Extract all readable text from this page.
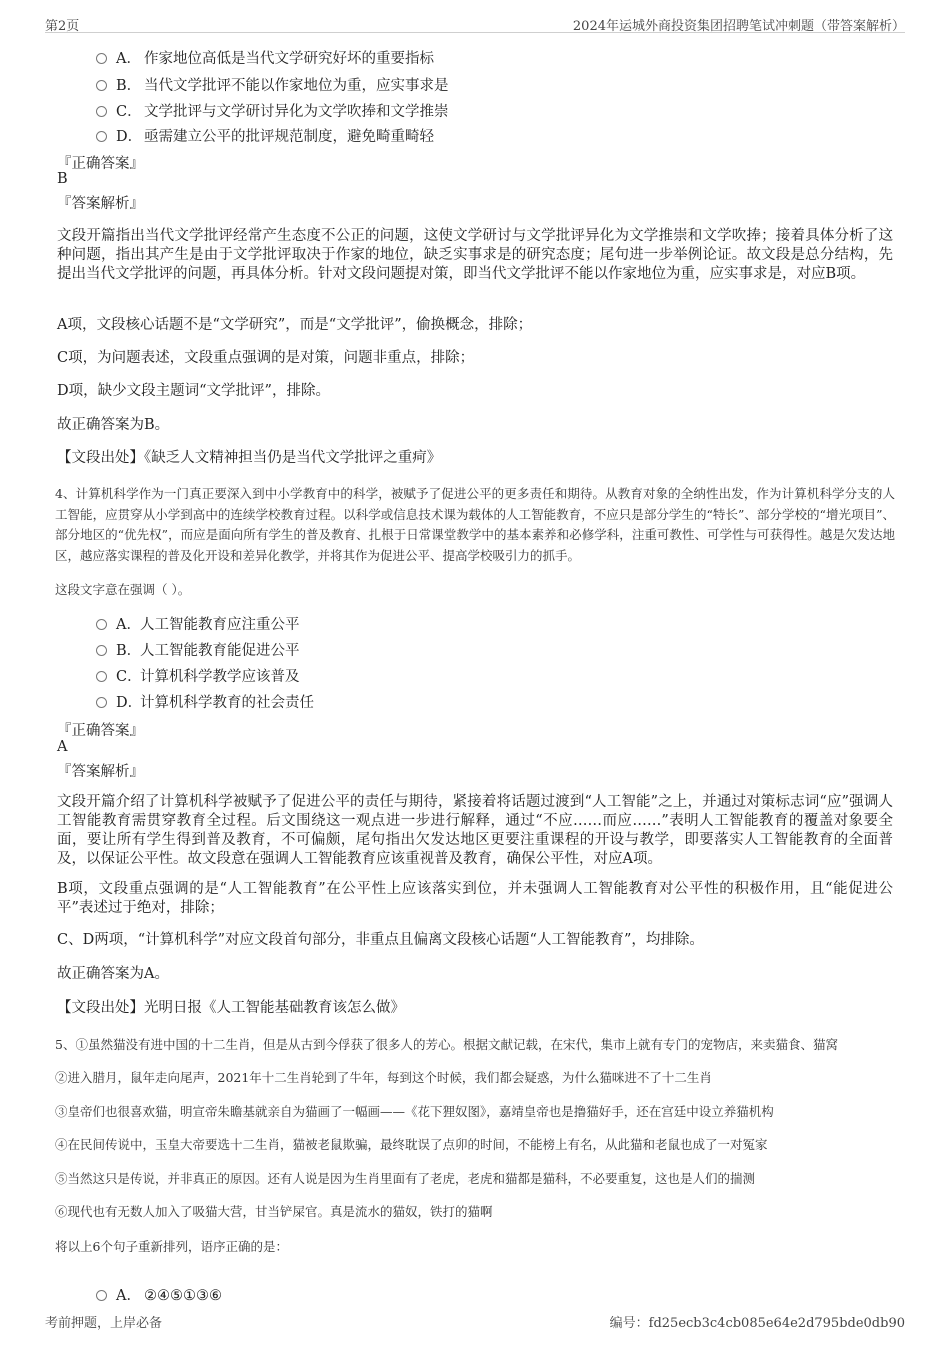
第2页	2024年运城外商投资集团招聘笔试冲刺题（带答案解析）
A． 作家地位高低是当代文学研究好坏的重要指标
B． 当代文学批评不能以作家地位为重，应实事求是
C． 文学批评与文学研讨异化为文学吹捧和文学推崇
D． 亟需建立公平的批评规范制度，避免畸重畸轻
『正确答案』
B
『答案解析』
文段开篇指出当代文学批评经常产生态度不公正的问题，这使文学研讨与文学批评异化为文学推崇和文学吹捧；接着具体分析了这种问题，指出其产生是由于文学批评取决于作家的地位，缺乏实事求是的研究态度；尾句进一步举例论证。故文段是总分结构，先提出当代文学批评的问题，再具体分析。针对文段问题提对策，即当代文学批评不能以作家地位为重，应实事求是，对应B项。
A项，文段核心话题不是“文学研究”，而是“文学批评”，偷换概念，排除；
C项，为问题表述，文段重点强调的是对策，问题非重点，排除；
D项，缺少文段主题词“文学批评”，排除。
故正确答案为B。
【文段出处】《缺乏人文精神担当仍是当代文学批评之重疴》
4、计算机科学作为一门真正要深入到中小学教育中的科学，被赋予了促进公平的更多责任和期待。从教育对象的全纳性出发，作为计算机科学分支的人工智能，应贯穿从小学到高中的连续学校教育过程。以科学或信息技术课为载体的人工智能教育，不应只是部分学生的“特长”、部分学校的“增光项目”、部分地区的“优先权”，而应是面向所有学生的普及教育、扎根于日常课堂教学中的基本素养和必修学科，注重可教性、可学性与可获得性。越是欠发达地区，越应落实课程的普及化开设和差异化教学，并将其作为促进公平、提高学校吸引力的抓手。
这段文字意在强调（ ）。
A．人工智能教育应注重公平
B．人工智能教育能促进公平
C．计算机科学教学应该普及
D．计算机科学教育的社会责任
『正确答案』
A
『答案解析』
文段开篇介绍了计算机科学被赋予了促进公平的责任与期待，紧接着将话题过渡到“人工智能”之上，并通过对策标志词“应”强调人工智能教育需贯穿教育全过程。后文围绕这一观点进一步进行解释，通过“不应……而应……”表明人工智能教育的覆盖对象要全面，要让所有学生得到普及教育，不可偏颇，尾句指出欠发达地区更要注重课程的开设与教学，即要落实人工智能教育的全面普及，以保证公平性。故文段意在强调人工智能教育应该重视普及教育，确保公平性，对应A项。
B项，文段重点强调的是“人工智能教育”在公平性上应该落实到位，并未强调人工智能教育对公平性的积极作用，且“能促进公平”表述过于绝对，排除；
C、D两项，“计算机科学”对应文段首句部分，非重点且偏离文段核心话题“人工智能教育”，均排除。
故正确答案为A。
【文段出处】光明日报《人工智能基础教育该怎么做》
5、①虽然猫没有进中国的十二生肖，但是从古到今俘获了很多人的芳心。根据文献记载，在宋代，集市上就有专门的宠物店，来卖猫食、猫窝
②进入腊月，鼠年走向尾声，2021年十二生肖轮到了牛年，每到这个时候，我们都会疑惑，为什么猫咪进不了十二生肖
③皇帝们也很喜欢猫，明宣帝朱瞻基就亲自为猫画了一幅画——《花下狸奴图》，嘉靖皇帝也是撸猫好手，还在宫廷中设立养猫机构
④在民间传说中，玉皇大帝要选十二生肖，猫被老鼠欺骗，最终耽误了点卯的时间，不能榜上有名，从此猫和老鼠也成了一对冤家
⑤当然这只是传说，并非真正的原因。还有人说是因为生肖里面有了老虎，老虎和猫都是猫科，不必要重复，这也是人们的揣测
⑥现代也有无数人加入了吸猫大营，甘当铲屎官。真是流水的猫奴，铁打的猫啊
将以上6个句子重新排列，语序正确的是：
A． ②④⑤①③⑥
考前押题，上岸必备	编号：fd25ecb3c4cb085e64e2d795bde0db90
